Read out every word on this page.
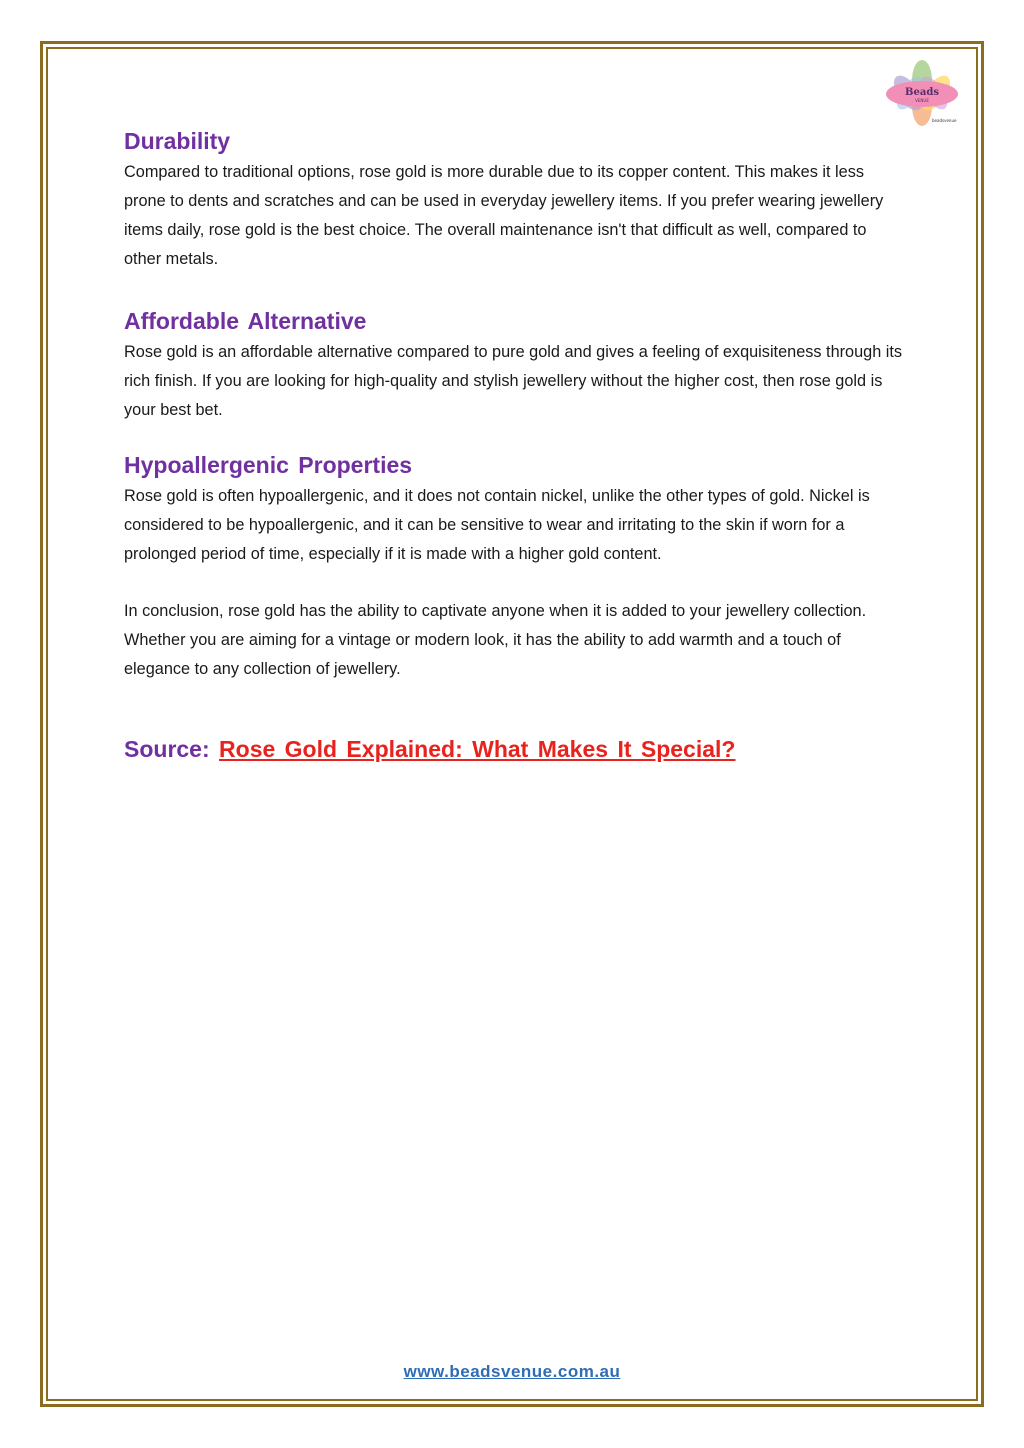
Beads
VENUE
beadsvenue
Durability

Compared to traditional options, rose gold is more durable due to its copper content. This makes it less prone to dents and scratches and can be used in everyday jewellery items. If you prefer wearing jewellery items daily, rose gold is the best choice. The overall maintenance isn't that difficult as well, compared to other metals.

Affordable Alternative

Rose gold is an affordable alternative compared to pure gold and gives a feeling of exquisiteness through its rich finish. If you are looking for high-quality and stylish jewellery without the higher cost, then rose gold is your best bet.

Hypoallergenic Properties

Rose gold is often hypoallergenic, and it does not contain nickel, unlike the other types of gold. Nickel is considered to be hypoallergenic, and it can be sensitive to wear and irritating to the skin if worn for a prolonged period of time, especially if it is made with a higher gold content.

In conclusion, rose gold has the ability to captivate anyone when it is added to your jewellery collection. Whether you are aiming for a vintage or modern look, it has the ability to add warmth and a touch of elegance to any collection of jewellery.

Source: Rose Gold Explained: What Makes It Special?

www.beadsvenue.com.au
